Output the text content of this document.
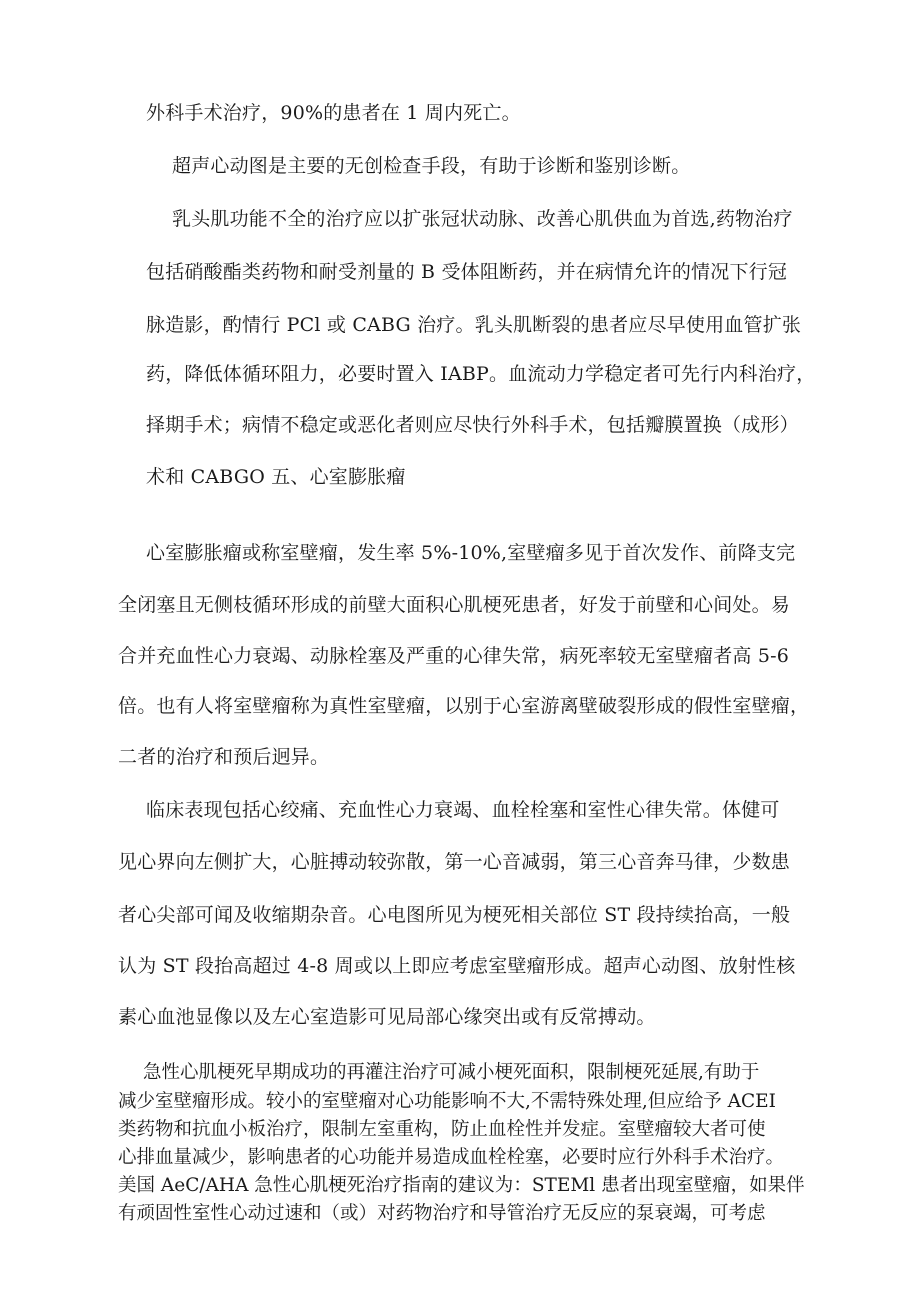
外科手术治疗，90%的患者在 1 周内死亡。
超声心动图是主要的无创检查手段，有助于诊断和鉴别诊断。
乳头肌功能不全的治疗应以扩张冠状动脉、改善心肌供血为首选,药物治疗
包括硝酸酯类药物和耐受剂量的 B 受体阻断药，并在病情允许的情况下行冠
脉造影，酌情行 PCl 或 CABG 治疗。乳头肌断裂的患者应尽早使用血管扩张
药，降低体循环阻力，必要时置入 IABP。血流动力学稳定者可先行内科治疗，
择期手术；病情不稳定或恶化者则应尽快行外科手术，包括瓣膜置换（成形）
术和 CABGO 五、心室膨胀瘤
心室膨胀瘤或称室壁瘤，发生率 5%-10%,室壁瘤多见于首次发作、前降支完
全闭塞且无侧枝循环形成的前壁大面积心肌梗死患者，好发于前壁和心间处。易
合并充血性心力衰竭、动脉栓塞及严重的心律失常，病死率较无室壁瘤者高 5-6
倍。也有人将室壁瘤称为真性室壁瘤，以别于心室游离壁破裂形成的假性室壁瘤，
二者的治疗和预后迥异。
临床表现包括心绞痛、充血性心力衰竭、血栓栓塞和室性心律失常。体健可
见心界向左侧扩大，心脏搏动较弥散，第一心音减弱，第三心音奔马律，少数患
者心尖部可闻及收缩期杂音。心电图所见为梗死相关部位 ST 段持续抬高，一般
认为 ST 段抬高超过 4-8 周或以上即应考虑室壁瘤形成。超声心动图、放射性核
素心血池显像以及左心室造影可见局部心缘突出或有反常搏动。
急性心肌梗死早期成功的再灌注治疗可减小梗死面积，限制梗死延展,有助于
减少室壁瘤形成。较小的室壁瘤对心功能影响不大,不需特殊处理,但应给予 ACEI
类药物和抗血小板治疗，限制左室重构，防止血栓性并发症。室壁瘤较大者可使
心排血量减少，影响患者的心功能并易造成血栓栓塞，必要时应行外科手术治疗。
美国 AeC/AHA 急性心肌梗死治疗指南的建议为：STEMl 患者出现室壁瘤，如果伴
有顽固性室性心动过速和（或）对药物治疗和导管治疗无反应的泵衰竭，可考虑
